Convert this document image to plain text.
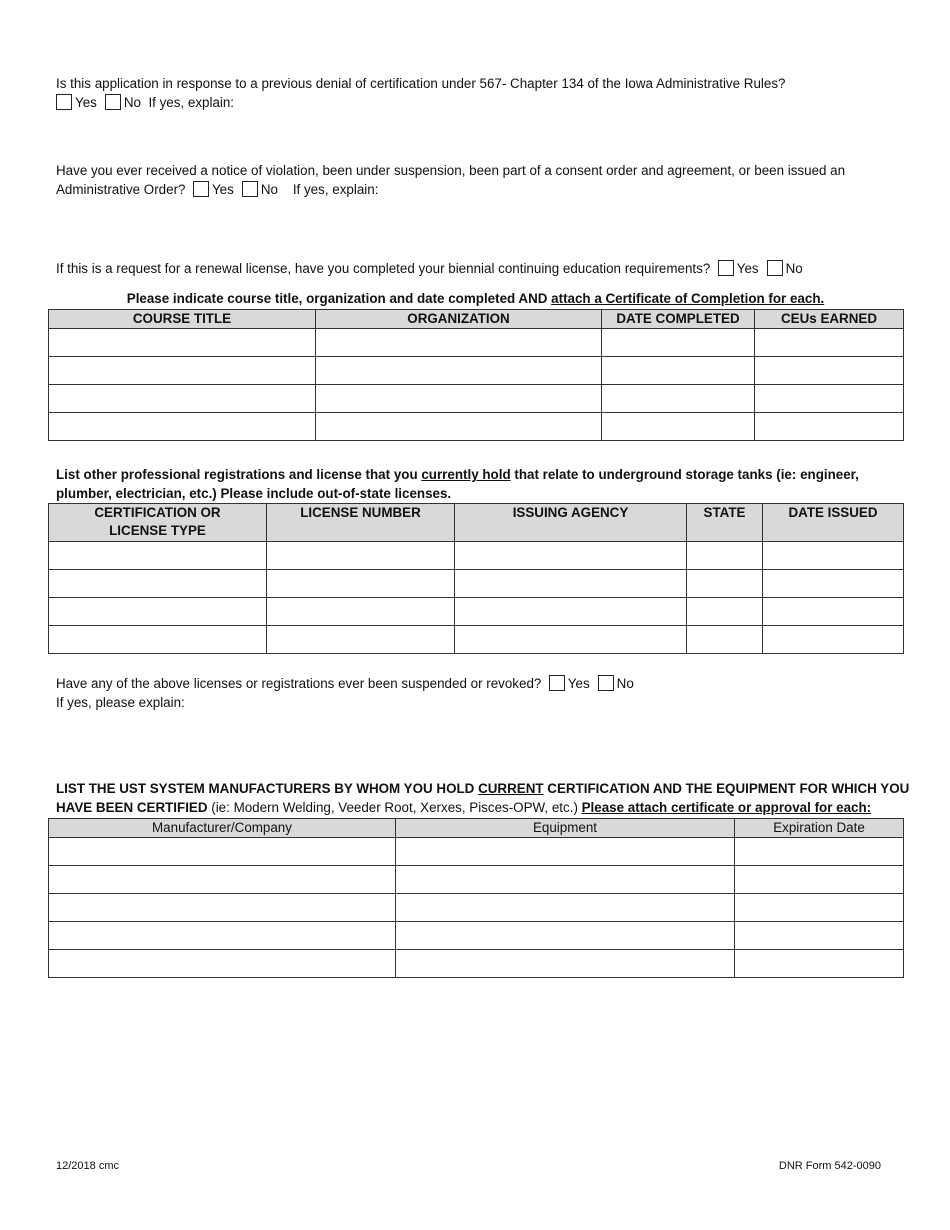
Is this application in response to a previous denial of certification under 567- Chapter 134 of the Iowa Administrative Rules?
Yes No If yes, explain:
Have you ever received a notice of violation, been under suspension, been part of a consent order and agreement, or been issued an
Administrative Order? Yes No If yes, explain:
If this is a request for a renewal license, have you completed your biennial continuing education requirements? Yes No
Please indicate course title, organization and date completed AND attach a Certificate of Completion for each.
COURSE TITLE	ORGANIZATION	DATE COMPLETED	CEUs EARNED

List other professional registrations and license that you currently hold that relate to underground storage tanks (ie: engineer,
plumber, electrician, etc.) Please include out-of-state licenses.
CERTIFICATION OR
LICENSE TYPE	LICENSE NUMBER	ISSUING AGENCY	STATE	DATE ISSUED

Have any of the above licenses or registrations ever been suspended or revoked? Yes No
If yes, please explain:
LIST THE UST SYSTEM MANUFACTURERS BY WHOM YOU HOLD CURRENT CERTIFICATION AND THE EQUIPMENT FOR WHICH YOU
HAVE BEEN CERTIFIED (ie: Modern Welding, Veeder Root, Xerxes, Pisces-OPW, etc.) Please attach certificate or approval for each:
Manufacturer/Company	Equipment	Expiration Date

12/2018 cmc	DNR Form 542-0090
